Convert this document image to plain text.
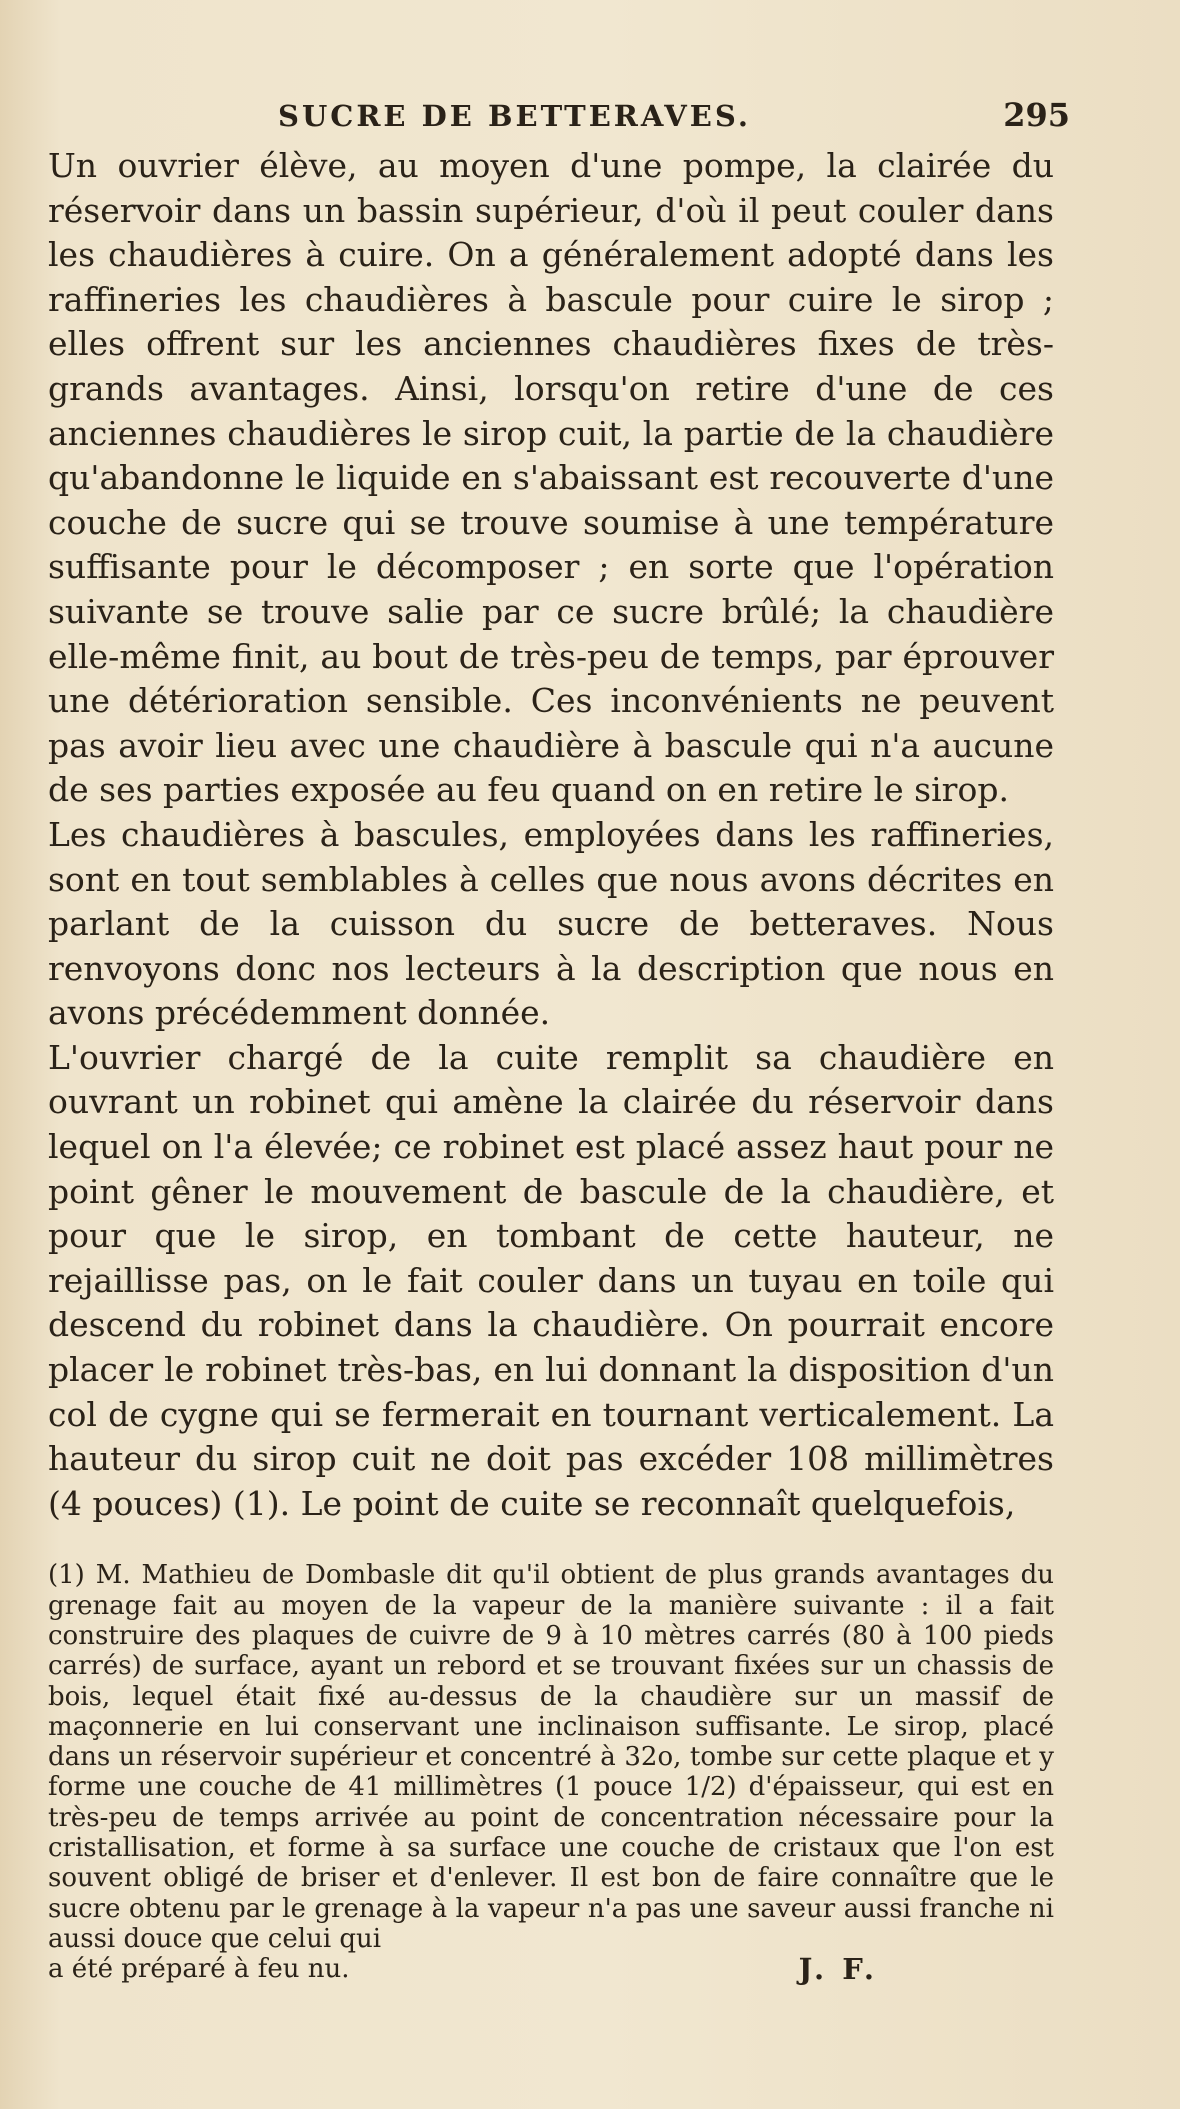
SUCRE DE BETTERAVES.	295

Un ouvrier élève, au moyen d'une pompe, la clairée du réservoir dans un bassin supérieur, d'où il peut couler dans les chaudières à cuire. On a généralement adopté dans les raffineries les chaudières à bascule pour cuire le sirop ; elles offrent sur les anciennes chaudières fixes de très-grands avantages. Ainsi, lorsqu'on retire d'une de ces anciennes chaudières le sirop cuit, la partie de la chaudière qu'abandonne le liquide en s'abaissant est recouverte d'une couche de sucre qui se trouve soumise à une température suffisante pour le décomposer ; en sorte que l'opération suivante se trouve salie par ce sucre brûlé; la chaudière elle-même finit, au bout de très-peu de temps, par éprouver une détérioration sensible. Ces inconvénients ne peuvent pas avoir lieu avec une chaudière à bascule qui n'a aucune de ses parties exposée au feu quand on en retire le sirop.

Les chaudières à bascules, employées dans les raffineries, sont en tout semblables à celles que nous avons décrites en parlant de la cuisson du sucre de betteraves. Nous renvoyons donc nos lecteurs à la description que nous en avons précédemment donnée.

L'ouvrier chargé de la cuite remplit sa chaudière en ouvrant un robinet qui amène la clairée du réservoir dans lequel on l'a élevée; ce robinet est placé assez haut pour ne point gêner le mouvement de bascule de la chaudière, et pour que le sirop, en tombant de cette hauteur, ne rejaillisse pas, on le fait couler dans un tuyau en toile qui descend du robinet dans la chaudière. On pourrait encore placer le robinet très-bas, en lui donnant la disposition d'un col de cygne qui se fermerait en tournant verticalement. La hauteur du sirop cuit ne doit pas excéder 108 millimètres (4 pouces) (1). Le point de cuite se reconnaît quelquefois,

(1) M. Mathieu de Dombasle dit qu'il obtient de plus grands avantages du grenage fait au moyen de la vapeur de la manière suivante : il a fait construire des plaques de cuivre de 9 à 10 mètres carrés (80 à 100 pieds carrés) de surface, ayant un rebord et se trouvant fixées sur un chassis de bois, lequel était fixé au-dessus de la chaudière sur un massif de maçonnerie en lui conservant une inclinaison suffisante. Le sirop, placé dans un réservoir supérieur et concentré à 32o, tombe sur cette plaque et y forme une couche de 41 millimètres (1 pouce 1/2) d'épaisseur, qui est en très-peu de temps arrivée au point de concentration nécessaire pour la cristallisation, et forme à sa surface une couche de cristaux que l'on est souvent obligé de briser et d'enlever. Il est bon de faire connaître que le sucre obtenu par le grenage à la vapeur n'a pas une saveur aussi franche ni aussi douce que celui qui

a été préparé à feu nu.	J. F.
